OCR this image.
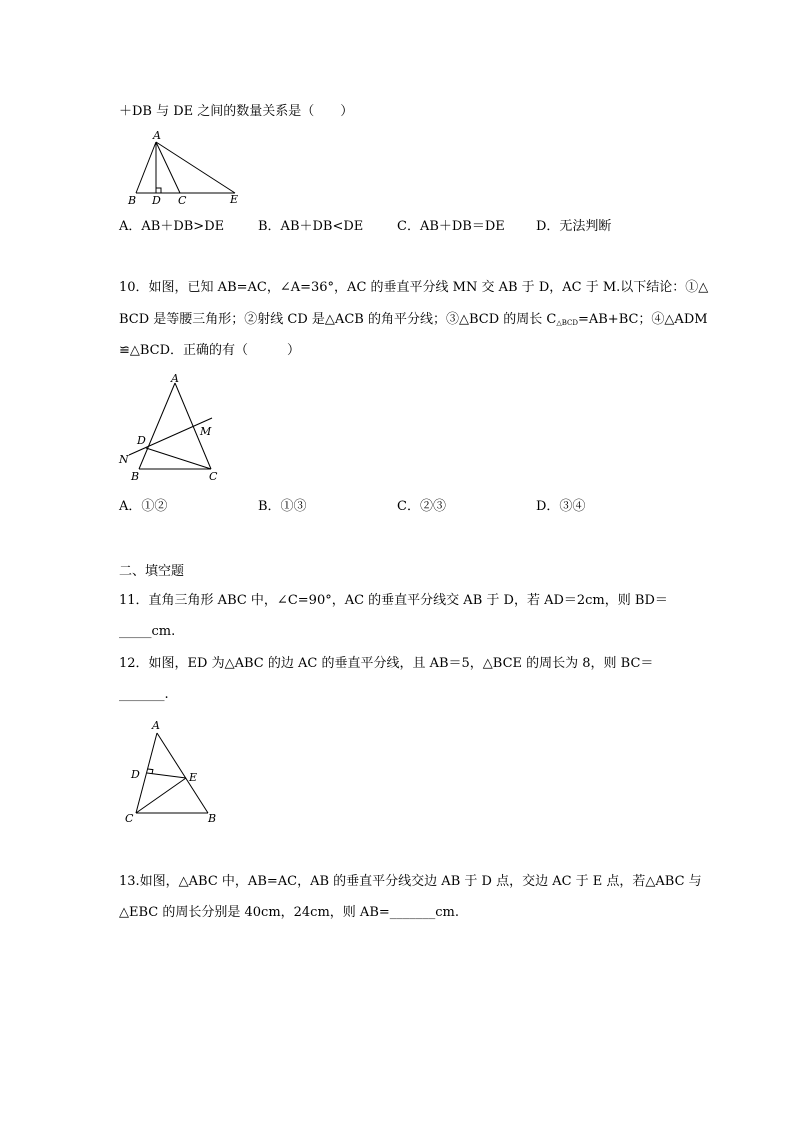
＋DB 与 DE 之间的数量关系是（　　）
A
B D C	E
A．AB＋DB>DE	B．AB＋DB<DE	C．AB＋DB＝DE D．无法判断
10．如图，已知 AB=AC，∠A=36°，AC 的垂直平分线 MN 交 AB 于 D，AC 于 M.以下结论：①△
BCD 是等腰三角形；②射线 CD 是△ACB 的角平分线；③△BCD 的周长 $C_{\triangle BCD}=AB+BC$；④△ADM
≌△BCD．正确的有（　　　）
A
M
D
N
B	C
A．①②	B．①③	C．②③	D．③④
二、填空题
11．直角三角形 ABC 中，∠C=90°，AC 的垂直平分线交 AB 于 D，若 AD＝2cm，则 BD＝
_____cm.
12．如图，ED 为△ABC 的边 AC 的垂直平分线，且 AB＝5，△BCE 的周长为 8，则 BC＝
_______.
A
D	E
C	B
13.如图，△ABC 中，AB=AC，AB 的垂直平分线交边 AB 于 D 点，交边 AC 于 E 点，若△ABC 与
△EBC 的周长分别是 40cm，24cm，则 AB=_______cm.
